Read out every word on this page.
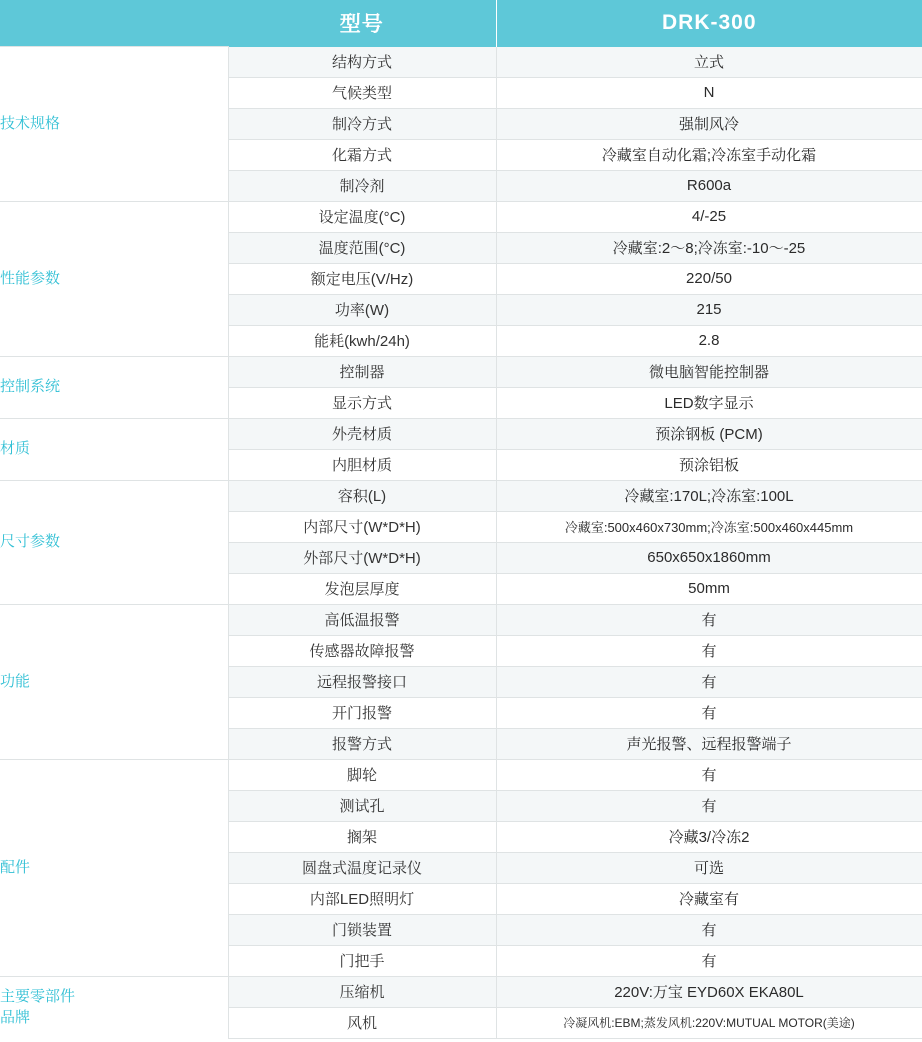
	型号	DRK-300
技术规格	结构方式	立式
	气候类型	N
	制冷方式	强制风冷
	化霜方式	冷藏室自动化霜;冷冻室手动化霜
	制冷剂	R600a
性能参数	设定温度(°C)	4/-25
	温度范围(°C)	冷藏室:2〜8;冷冻室:-10〜-25
	额定电压(V/Hz)	220/50
	功率(W)	215
	能耗(kwh/24h)	2.8
控制系统	控制器	微电脑智能控制器
	显示方式	LED数字显示
材质	外壳材质	预涂钢板 (PCM)
	内胆材质	预涂铝板
尺寸参数	容积(L)	冷藏室:170L;冷冻室:100L
	内部尺寸(W*D*H)	冷藏室:500x460x730mm;冷冻室:500x460x445mm
	外部尺寸(W*D*H)	650x650x1860mm
	发泡层厚度	50mm
功能	高低温报警	有
	传感器故障报警	有
	远程报警接口	有
	开门报警	有
	报警方式	声光报警、远程报警端子
配件	脚轮	有
	测试孔	有
	搁架	冷藏3/冷冻2
	圆盘式温度记录仪	可选
	内部LED照明灯	冷藏室有
	门锁装置	有
	门把手	有

主要零部件
品牌	压缩机	220V:万宝 EYD60X EKA80L
	风机	冷凝风机:EBM;蒸发风机:220V:MUTUAL MOTOR(美途)
